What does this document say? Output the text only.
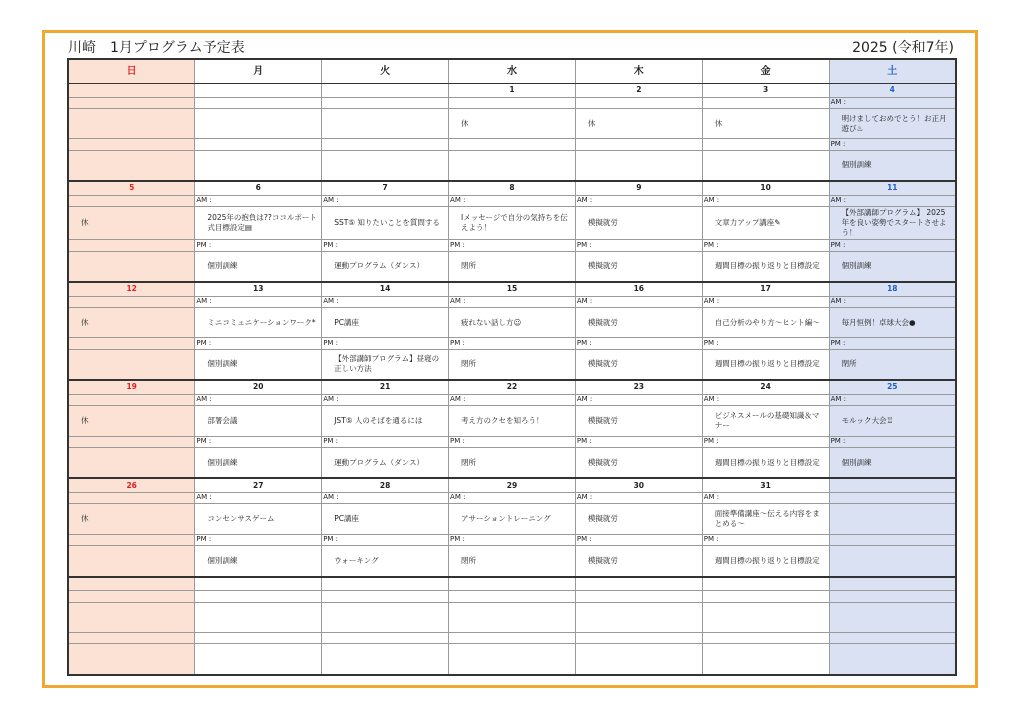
川崎　1月プログラム予定表	2025 (令和7年)
日	月	火	水	木	金	土
			1	2	3	4
						AM :
			休	休	休	明けましておめでとう！お正月遊び♨
						PM :
						個別訓練
5	6	7	8	9	10	11
	AM :	AM :	AM :	AM :	AM :	AM :
休	2025年の抱負は??ココルポート式目標設定▤	SST⑤ 知りたいことを質問する	Iメッセージで自分の気持ちを伝えよう！	模擬就労	文章力アップ講座✎	【外部講師プログラム】 2025年を良い姿勢でスタートさせよう！
	PM :	PM :	PM :	PM :	PM :	PM :
	個別訓練	運動プログラム（ダンス）	閉所	模擬就労	週間目標の振り返りと目標設定	個別訓練
12	13	14	15	16	17	18
	AM :	AM :	AM :	AM :	AM :	AM :
休	ミニコミュニケーションワーク*	PC講座	疲れない話し方☺	模擬就労	自己分析のやり方～ヒント編～	毎月恒例！卓球大会●
	PM :	PM :	PM :	PM :	PM :	PM :
	個別訓練	【外部講師プログラム】昼寝の正しい方法	閉所	模擬就労	週間目標の振り返りと目標設定	閉所
19	20	21	22	23	24	25
	AM :	AM :	AM :	AM :	AM :	AM :
休	部署会議	JST⑤ 人のそばを通るには	考え方のクセを知ろう！	模擬就労	ビジネスメールの基礎知識＆マナー	モルック大会♖
	PM :	PM :	PM :	PM :	PM :	PM :
	個別訓練	運動プログラム（ダンス）	閉所	模擬就労	週間目標の振り返りと目標設定	個別訓練
26	27	28	29	30	31	
	AM :	AM :	AM :	AM :	AM :	
休	コンセンサスゲーム	PC講座	アサーショントレーニング	模擬就労	面接準備講座～伝える内容をまとめる～	
	PM :	PM :	PM :	PM :	PM :	
	個別訓練	ウォーキング	閉所	模擬就労	週間目標の振り返りと目標設定	
